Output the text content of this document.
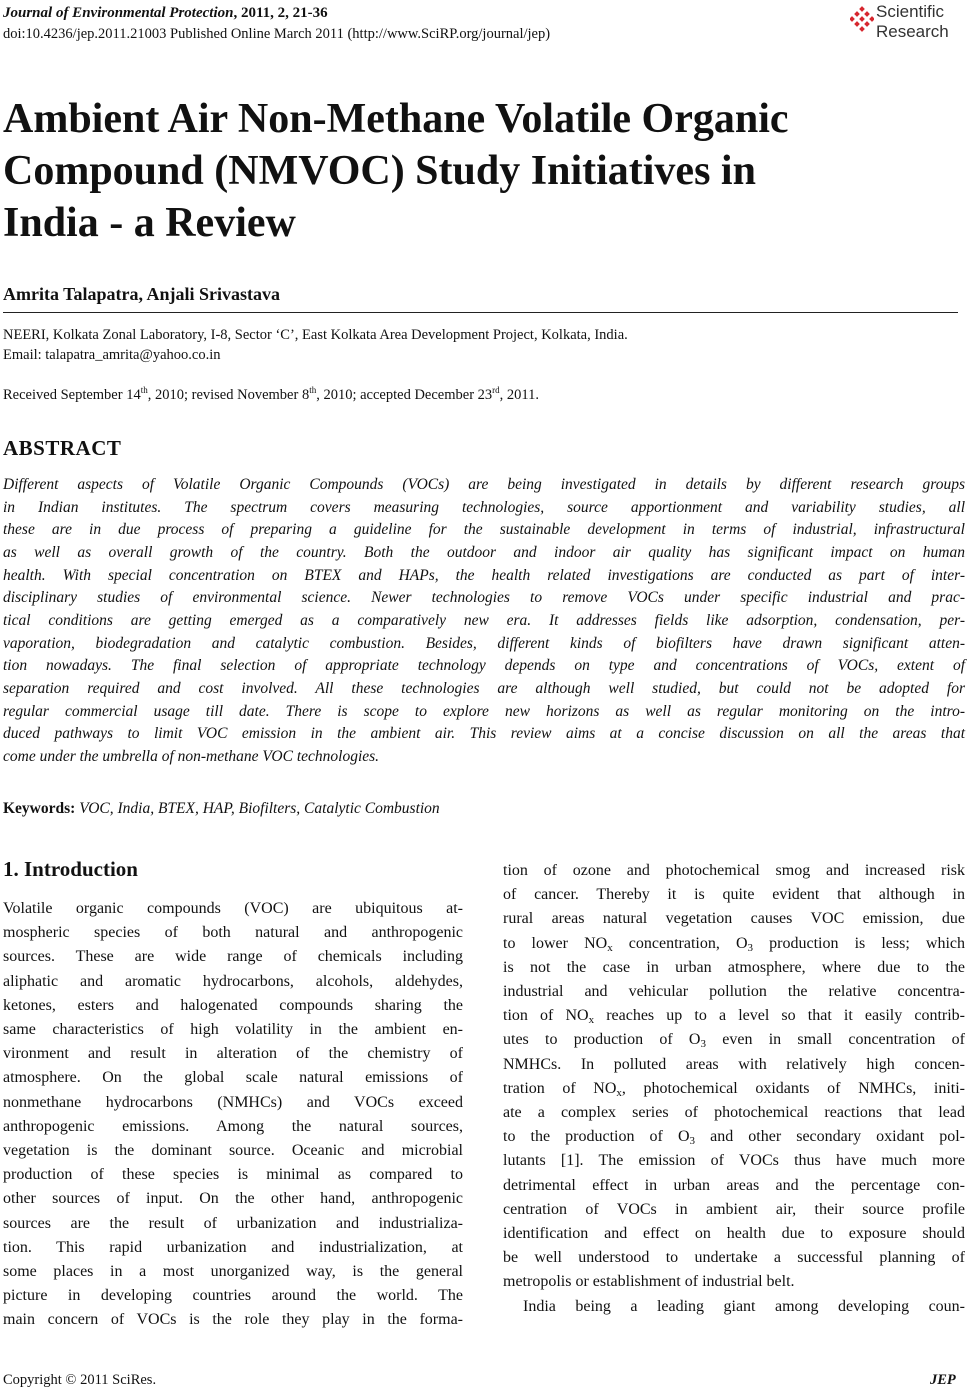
Journal of Environmental Protection, 2011, 2, 21-36
doi:10.4236/jep.2011.21003 Published Online March 2011 (http://www.SciRP.org/journal/jep)
Scientific
Research
Ambient Air Non-Methane Volatile Organic
Compound (NMVOC) Study Initiatives in
India - a Review
Amrita Talapatra, Anjali Srivastava
NEERI, Kolkata Zonal Laboratory, I-8, Sector ‘C’, East Kolkata Area Development Project, Kolkata, India.
Email: talapatra_amrita@yahoo.co.in
Received September 14th, 2010; revised November 8th, 2010; accepted December 23rd, 2011.
ABSTRACT
Different aspects of Volatile Organic Compounds (VOCs) are being investigated in details by different research groups
in Indian institutes. The spectrum covers measuring technologies, source apportionment and variability studies, all
these are in due process of preparing a guideline for the sustainable development in terms of industrial, infrastructural
as well as overall growth of the country. Both the outdoor and indoor air quality has significant impact on human
health. With special concentration on BTEX and HAPs, the health related investigations are conducted as part of inter-
disciplinary studies of environmental science. Newer technologies to remove VOCs under specific industrial and prac-
tical conditions are getting emerged as a comparatively new era. It addresses fields like adsorption, condensation, per-
vaporation, biodegradation and catalytic combustion. Besides, different kinds of biofilters have drawn significant atten-
tion nowadays. The final selection of appropriate technology depends on type and concentrations of VOCs, extent of
separation required and cost involved. All these technologies are although well studied, but could not be adopted for
regular commercial usage till date. There is scope to explore new horizons as well as regular monitoring on the intro-
duced pathways to limit VOC emission in the ambient air. This review aims at a concise discussion on all the areas that
come under the umbrella of non-methane VOC technologies.
Keywords: VOC, India, BTEX, HAP, Biofilters, Catalytic Combustion
1. Introduction
Volatile organic compounds (VOC) are ubiquitous at-
mospheric species of both natural and anthropogenic
sources. These are wide range of chemicals including
aliphatic and aromatic hydrocarbons, alcohols, aldehydes,
ketones, esters and halogenated compounds sharing the
same characteristics of high volatility in the ambient en-
vironment and result in alteration of the chemistry of
atmosphere. On the global scale natural emissions of
nonmethane hydrocarbons (NMHCs) and VOCs exceed
anthropogenic emissions. Among the natural sources,
vegetation is the dominant source. Oceanic and microbial
production of these species is minimal as compared to
other sources of input. On the other hand, anthropogenic
sources are the result of urbanization and industrializa-
tion. This rapid urbanization and industrialization, at
some places in a most unorganized way, is the general
picture in developing countries around the world. The
main concern of VOCs is the role they play in the forma-
tion of ozone and photochemical smog and increased risk
of cancer. Thereby it is quite evident that although in
rural areas natural vegetation causes VOC emission, due
to lower $NO_x$ concentration, $O_3$ production is less; which
is not the case in urban atmosphere, where due to the
industrial and vehicular pollution the relative concentra-
tion of $NO_x$ reaches up to a level so that it easily contrib-
utes to production of $O_3$ even in small concentration of
NMHCs. In polluted areas with relatively high concen-
tration of $NO_x$, photochemical oxidants of NMHCs, initi-
ate a complex series of photochemical reactions that lead
to the production of $O_3$ and other secondary oxidant pol-
lutants [1]. The emission of VOCs thus have much more
detrimental effect in urban areas and the percentage con-
centration of VOCs in ambient air, their source profile
identification and effect on health due to exposure should
be well understood to undertake a successful planning of
metropolis or establishment of industrial belt.
India being a leading giant among developing coun-
Copyright © 2011 SciRes.	JEP
